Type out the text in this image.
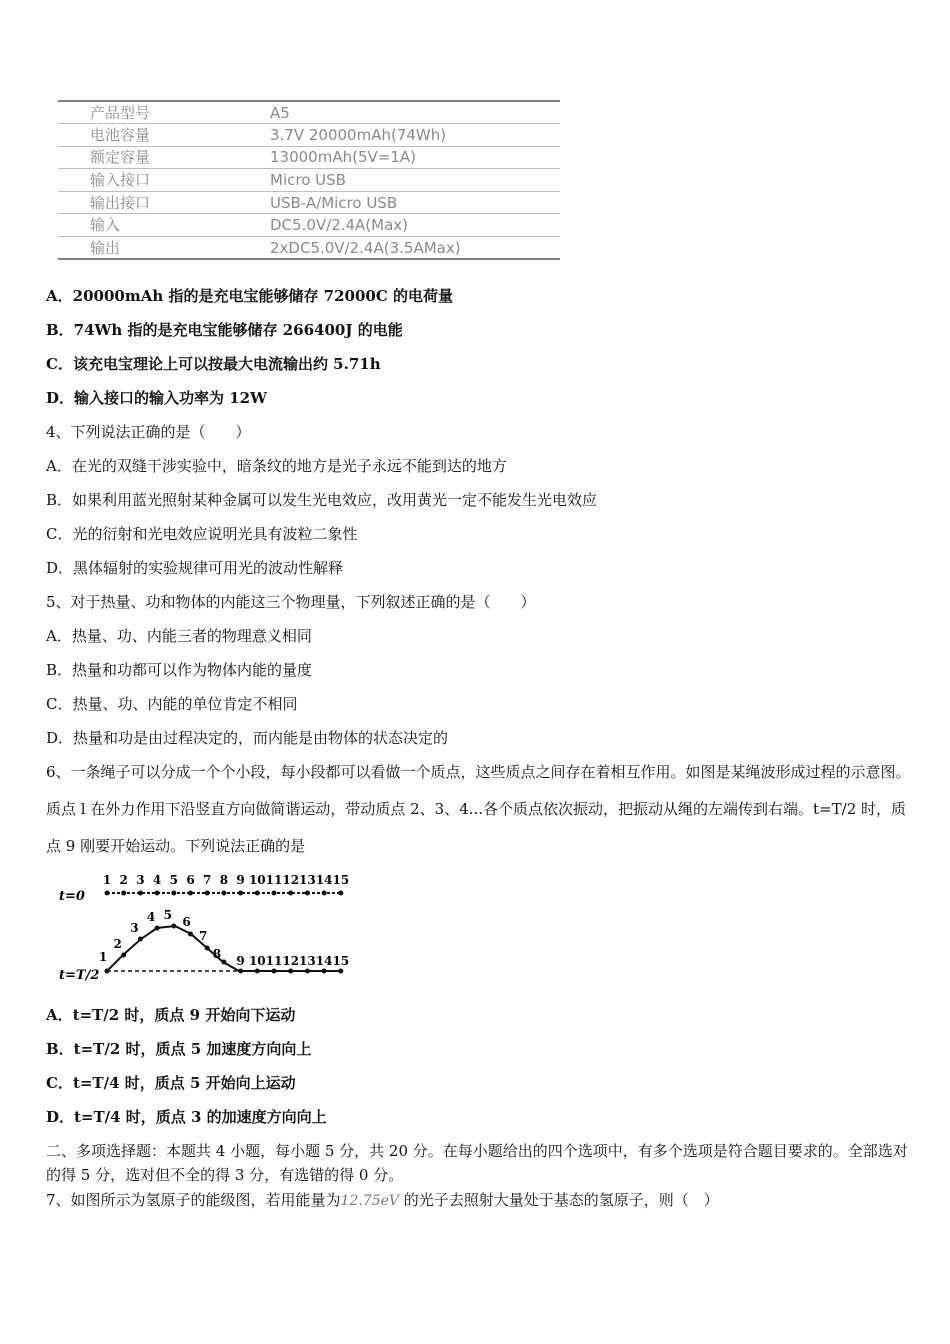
产品型号	A5
电池容量	3.7V 20000mAh(74Wh)
额定容量	13000mAh(5V=1A)
输入接口	Micro USB
输出接口	USB-A/Micro USB
输入	DC5.0V/2.4A(Max)
输出	2xDC5.0V/2.4A(3.5AMax)
A．20000mAh 指的是充电宝能够储存 72000C 的电荷量
B．74Wh 指的是充电宝能够储存 266400J 的电能
C．该充电宝理论上可以按最大电流输出约 5.71h
D．输入接口的输入功率为 12W
4、下列说法正确的是（　　）
A．在光的双缝干涉实验中，暗条纹的地方是光子永远不能到达的地方
B．如果利用蓝光照射某种金属可以发生光电效应，改用黄光一定不能发生光电效应
C．光的衍射和光电效应说明光具有波粒二象性
D．黑体辐射的实验规律可用光的波动性解释
5、对于热量、功和物体的内能这三个物理量，下列叙述正确的是（　　）
A．热量、功、内能三者的物理意义相同
B．热量和功都可以作为物体内能的量度
C．热量、功、内能的单位肯定不相同
D．热量和功是由过程决定的，而内能是由物体的状态决定的
6、一条绳子可以分成一个个小段，每小段都可以看做一个质点，这些质点之间存在着相互作用。如图是某绳波形成过程的示意图。质点 l 在外力作用下沿竖直方向做简谐运动，带动质点 2、3、4...各个质点依次振动，把振动从绳的左端传到右端。t=T/2 时，质点 9 刚要开始运动。下列说法正确的是
t=0
t=T/2
1 2 3 4 5 6 7 8 9 10 11 12 13 14 15
1
2
3
4 5 6
7
8 9 10 11 12 13 14 15
A．t=T/2 时，质点 9 开始向下运动
B．t=T/2 时，质点 5 加速度方向向上
C．t=T/4 时，质点 5 开始向上运动
D．t=T/4 时，质点 3 的加速度方向向上
二、多项选择题：本题共 4 小题，每小题 5 分，共 20 分。在每小题给出的四个选项中，有多个选项是符合题目要求的。全部选对的得 5 分，选对但不全的得 3 分，有选错的得 0 分。
7、如图所示为氢原子的能级图，若用能量为12.75eV 的光子去照射大量处于基态的氢原子，则（　）
